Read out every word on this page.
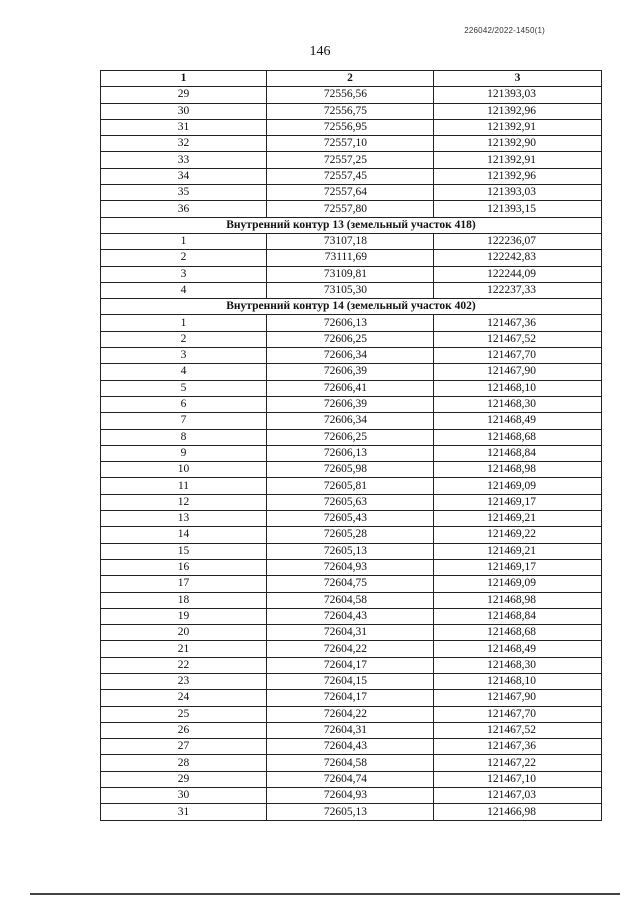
226042/2022-1450(1)
146
1	2	3
29	72556,56	121393,03
30	72556,75	121392,96
31	72556,95	121392,91
32	72557,10	121392,90
33	72557,25	121392,91
34	72557,45	121392,96
35	72557,64	121393,03
36	72557,80	121393,15
Внутренний контур 13 (земельный участок 418)		
1	73107,18	122236,07
2	73111,69	122242,83
3	73109,81	122244,09
4	73105,30	122237,33
Внутренний контур 14 (земельный участок 402)		
1	72606,13	121467,36
2	72606,25	121467,52
3	72606,34	121467,70
4	72606,39	121467,90
5	72606,41	121468,10
6	72606,39	121468,30
7	72606,34	121468,49
8	72606,25	121468,68
9	72606,13	121468,84
10	72605,98	121468,98
11	72605,81	121469,09
12	72605,63	121469,17
13	72605,43	121469,21
14	72605,28	121469,22
15	72605,13	121469,21
16	72604,93	121469,17
17	72604,75	121469,09
18	72604,58	121468,98
19	72604,43	121468,84
20	72604,31	121468,68
21	72604,22	121468,49
22	72604,17	121468,30
23	72604,15	121468,10
24	72604,17	121467,90
25	72604,22	121467,70
26	72604,31	121467,52
27	72604,43	121467,36
28	72604,58	121467,22
29	72604,74	121467,10
30	72604,93	121467,03
31	72605,13	121466,98
